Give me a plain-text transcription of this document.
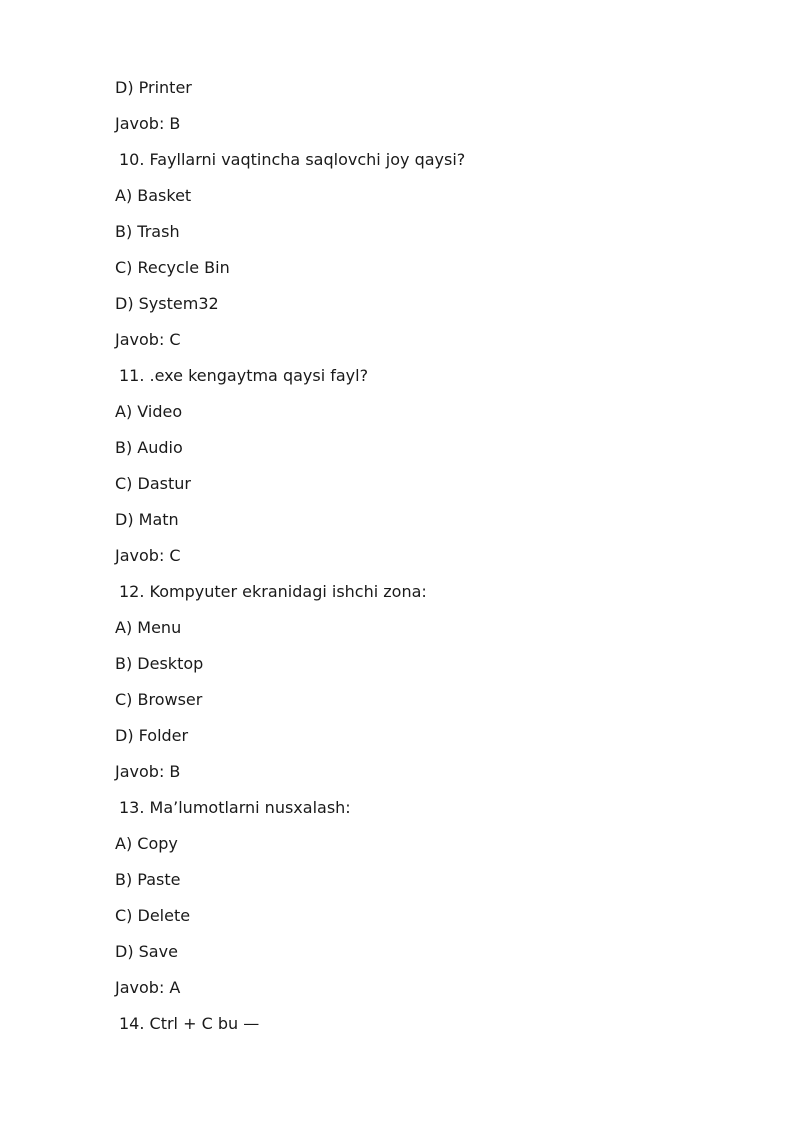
D) Printer
Javob: B
10. Fayllarni vaqtincha saqlovchi joy qaysi?
A) Basket
B) Trash
C) Recycle Bin
D) System32
Javob: C
11. .exe kengaytma qaysi fayl?
A) Video
B) Audio
C) Dastur
D) Matn
Javob: C
12. Kompyuter ekranidagi ishchi zona:
A) Menu
B) Desktop
C) Browser
D) Folder
Javob: B
13. Ma’lumotlarni nusxalash:
A) Copy
B) Paste
C) Delete
D) Save
Javob: A
14. Ctrl + C bu —
